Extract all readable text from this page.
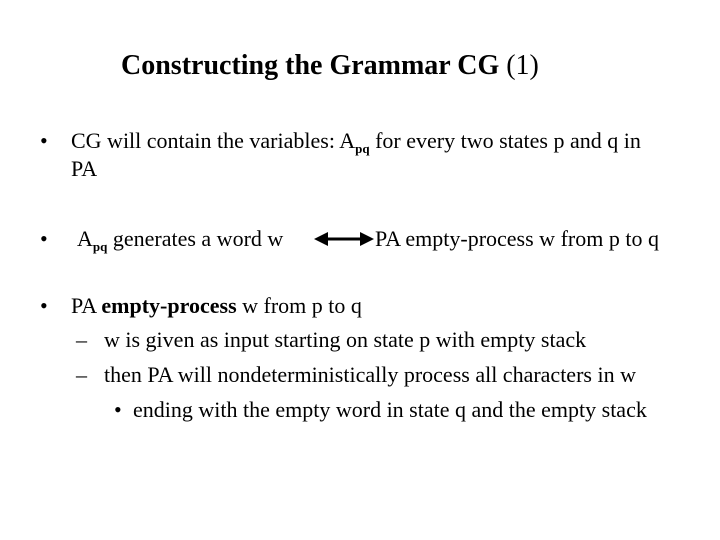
Constructing the Grammar CG (1)
• CG will contain the variables: $A_{pq}$ for every two states p and q in
PA
• $A_{pq}$ generates a word w	PA empty-process w from p to q
• PA empty-process w from p to q
– w is given as input starting on state p with empty stack
– then PA will nondeterministically process all characters in w
• ending with the empty word in state q and the empty stack
